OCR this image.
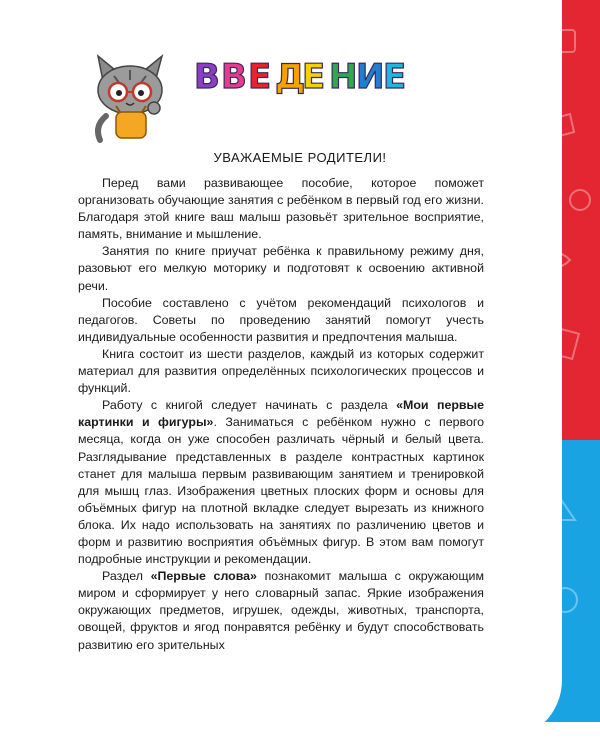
В В Е Д
Е Н
И
Е
УВАЖАЕМЫЕ РОДИТЕЛИ!

Перед вами развивающее пособие, которое поможет организовать обучающие занятия с ребёнком в первый год его жизни. Благодаря этой книге ваш малыш разовьёт зрительное восприятие, память, внимание и мышление.

Занятия по книге приучат ребёнка к правильному режиму дня, разовьют его мелкую моторику и подготовят к освоению активной речи.

Пособие составлено с учётом рекомендаций психологов и педагогов. Советы по проведению занятий помогут учесть индивидуальные особенности развития и предпочтения малыша.

Книга состоит из шести разделов, каждый из которых содержит материал для развития определённых психологических процессов и функций.

Работу с книгой следует начинать с раздела «Мои первые картинки и фигуры». Заниматься с ребёнком нужно с первого месяца, когда он уже способен различать чёрный и белый цвета. Разглядывание представленных в разделе контрастных картинок станет для малыша первым развивающим занятием и тренировкой для мышц глаз. Изображения цветных плоских форм и основы для объёмных фигур на плотной вкладке следует вырезать из книжного блока. Их надо использовать на занятиях по различению цветов и форм и развитию восприятия объёмных фигур. В этом вам помогут подробные инструкции и рекомендации.

Раздел «Первые слова» познакомит малыша с окружающим миром и сформирует у него словарный запас. Яркие изображения окружающих предметов, игрушек, одежды, животных, транспорта, овощей, фруктов и ягод понравятся ребёнку и будут способствовать развитию его зрительных

3
